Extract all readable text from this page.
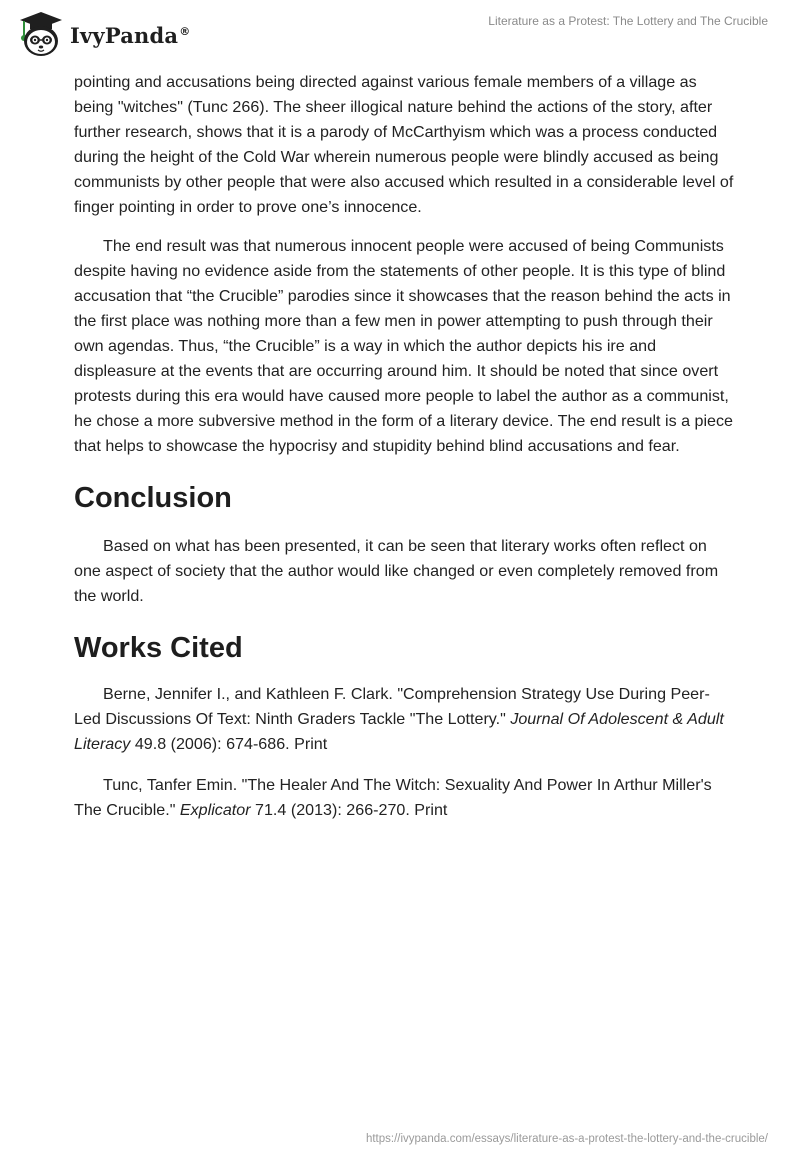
IvyPanda®
Literature as a Protest: The Lottery and The Crucible

pointing and accusations being directed against various female members of a village as being "witches" (Tunc 266). The sheer illogical nature behind the actions of the story, after further research, shows that it is a parody of McCarthyism which was a process conducted during the height of the Cold War wherein numerous people were blindly accused as being communists by other people that were also accused which resulted in a considerable level of finger pointing in order to prove one’s innocence.

The end result was that numerous innocent people were accused of being Communists despite having no evidence aside from the statements of other people. It is this type of blind accusation that “the Crucible” parodies since it showcases that the reason behind the acts in the first place was nothing more than a few men in power attempting to push through their own agendas. Thus, “the Crucible” is a way in which the author depicts his ire and displeasure at the events that are occurring around him. It should be noted that since overt protests during this era would have caused more people to label the author as a communist, he chose a more subversive method in the form of a literary device. The end result is a piece that helps to showcase the hypocrisy and stupidity behind blind accusations and fear.

Conclusion

Based on what has been presented, it can be seen that literary works often reflect on one aspect of society that the author would like changed or even completely removed from the world.

Works Cited

Berne, Jennifer I., and Kathleen F. Clark. "Comprehension Strategy Use During Peer-Led Discussions Of Text: Ninth Graders Tackle "The Lottery." Journal Of Adolescent & Adult Literacy 49.8 (2006): 674-686. Print

Tunc, Tanfer Emin. "The Healer And The Witch: Sexuality And Power In Arthur Miller's The Crucible." Explicator 71.4 (2013): 266-270. Print

https://ivypanda.com/essays/literature-as-a-protest-the-lottery-and-the-crucible/
